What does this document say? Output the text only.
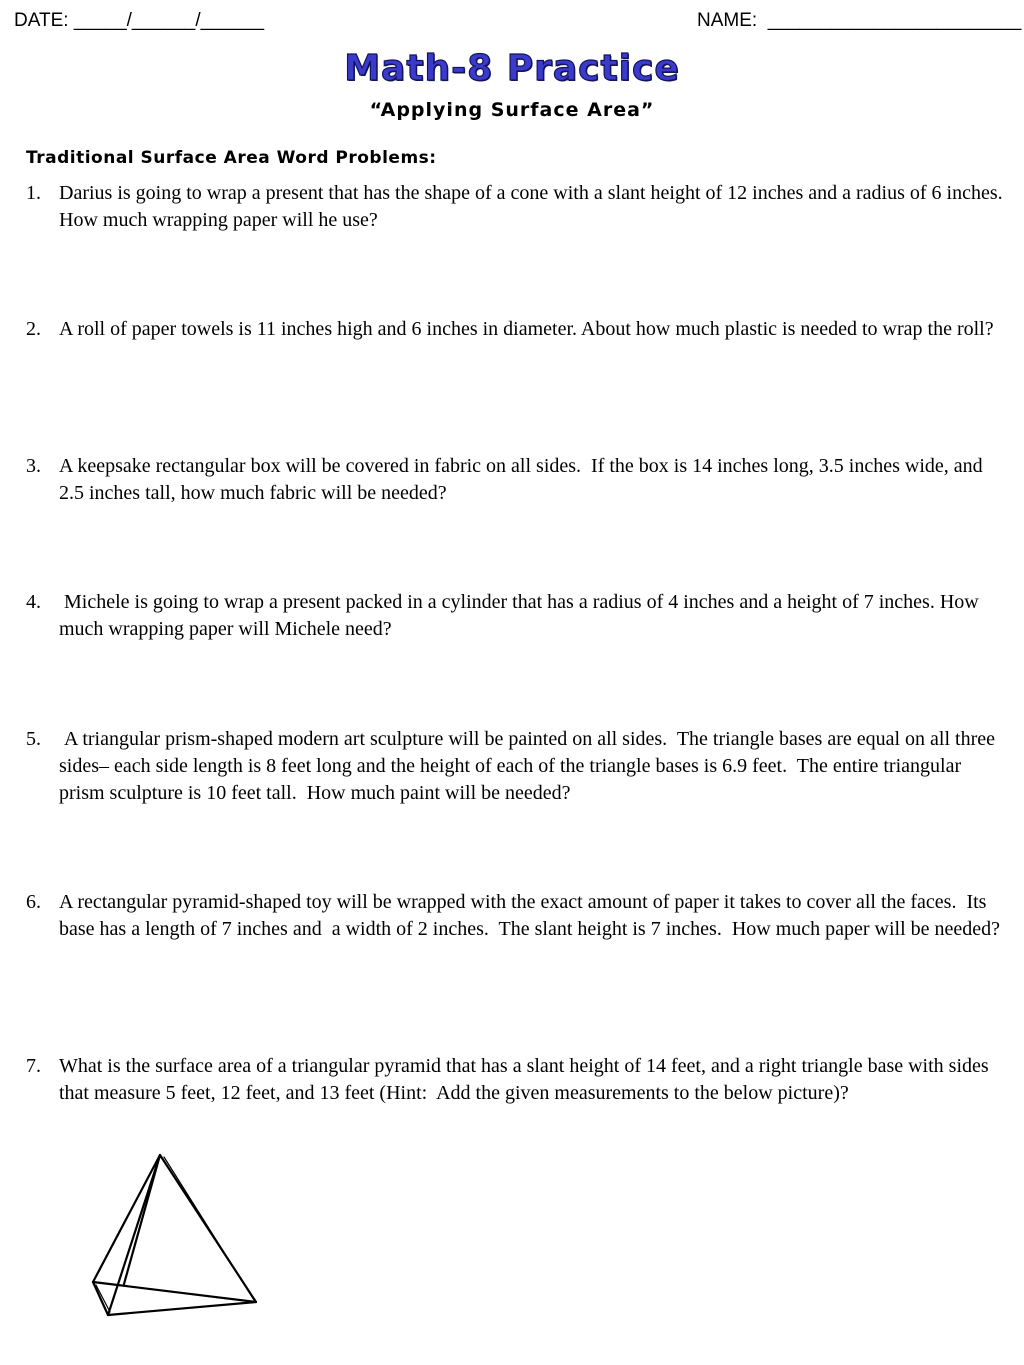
DATE: _____/______/______	NAME:  ________________________
Math-8 Practice
“Applying Surface Area”
Traditional Surface Area Word Problems:
1. Darius is going to wrap a present that has the shape of a cone with a slant height of 12 inches and a radius of 6 inches. How much wrapping paper will he use?
2. A roll of paper towels is 11 inches high and 6 inches in diameter. About how much plastic is needed to wrap the roll?
3. A keepsake rectangular box will be covered in fabric on all sides.  If the box is 14 inches long, 3.5 inches wide, and 2.5 inches tall, how much fabric will be needed?
4. Michele is going to wrap a present packed in a cylinder that has a radius of 4 inches and a height of 7 inches. How much wrapping paper will Michele need?
5. A triangular prism-shaped modern art sculpture will be painted on all sides.  The triangle bases are equal on all three sides– each side length is 8 feet long and the height of each of the triangle bases is 6.9 feet.  The entire triangular prism sculpture is 10 feet tall.  How much paint will be needed?
6. A rectangular pyramid-shaped toy will be wrapped with the exact amount of paper it takes to cover all the faces.  Its base has a length of 7 inches and  a width of 2 inches.  The slant height is 7 inches.  How much paper will be needed?
7. What is the surface area of a triangular pyramid that has a slant height of 14 feet, and a right triangle base with sides that measure 5 feet, 12 feet, and 13 feet (Hint:  Add the given measurements to the below picture)?
